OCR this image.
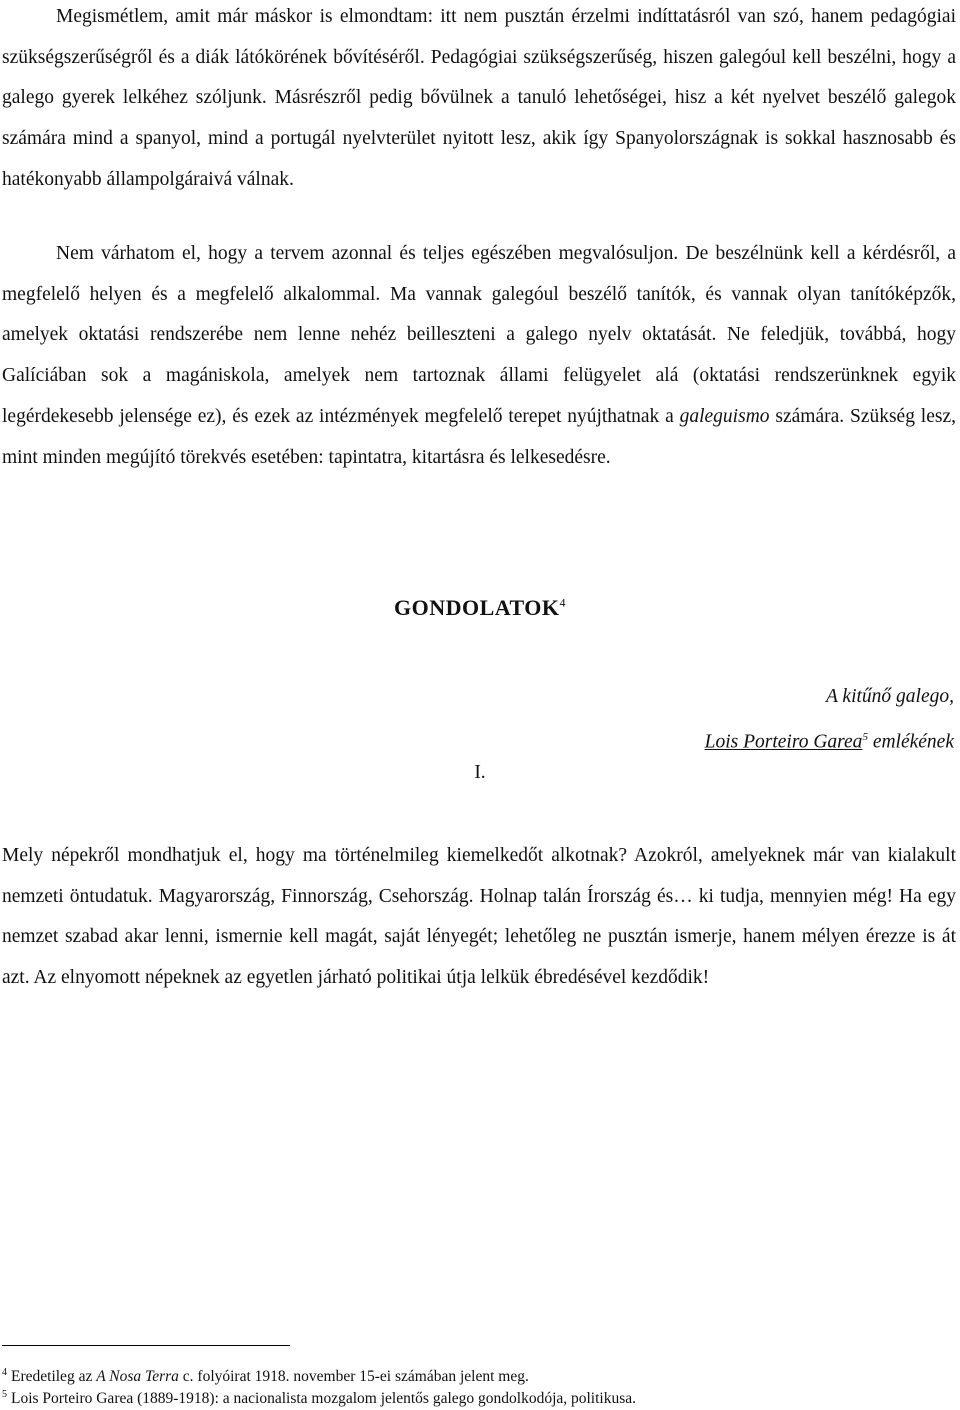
Megismétlem, amit már máskor is elmondtam: itt nem pusztán érzelmi indíttatásról van szó, hanem pedagógiai szükségszerűségről és a diák látókörének bővítéséről. Pedagógiai szükségszerűség, hiszen galegóul kell beszélni, hogy a galego gyerek lelkéhez szóljunk. Másrészről pedig bővülnek a tanuló lehetőségei, hisz a két nyelvet beszélő galegok számára mind a spanyol, mind a portugál nyelvterület nyitott lesz, akik így Spanyolországnak is sokkal hasznosabb és hatékonyabb állampolgáraivá válnak.

Nem várhatom el, hogy a tervem azonnal és teljes egészében megvalósuljon. De beszélnünk kell a kérdésről, a megfelelő helyen és a megfelelő alkalommal. Ma vannak galegóul beszélő tanítók, és vannak olyan tanítóképzők, amelyek oktatási rendszerébe nem lenne nehéz beilleszteni a galego nyelv oktatását. Ne feledjük, továbbá, hogy Galíciában sok a magániskola, amelyek nem tartoznak állami felügyelet alá (oktatási rendszerünknek egyik legérdekesebb jelensége ez), és ezek az intézmények megfelelő terepet nyújthatnak a galeguismo számára. Szükség lesz, mint minden megújító törekvés esetében: tapintatra, kitartásra és lelkesedésre.

GONDOLATOK$^4$
A kitűnő galego,
Lois Porteiro Garea$^5$ emlékének
I.

Mely népekről mondhatjuk el, hogy ma történelmileg kiemelkedőt alkotnak? Azokról, amelyeknek már van kialakult nemzeti öntudatuk. Magyarország, Finnország, Csehország. Holnap talán Írország és… ki tudja, mennyien még! Ha egy nemzet szabad akar lenni, ismernie kell magát, saját lényegét; lehetőleg ne pusztán ismerje, hanem mélyen érezze is át azt. Az elnyomott népeknek az egyetlen járható politikai útja lelkük ébredésével kezdődik!

$^4$ Eredetileg az A Nosa Terra c. folyóirat 1918. november 15-ei számában jelent meg.
$^5$ Lois Porteiro Garea (1889-1918): a nacionalista mozgalom jelentős galego gondolkodója, politikusa.
